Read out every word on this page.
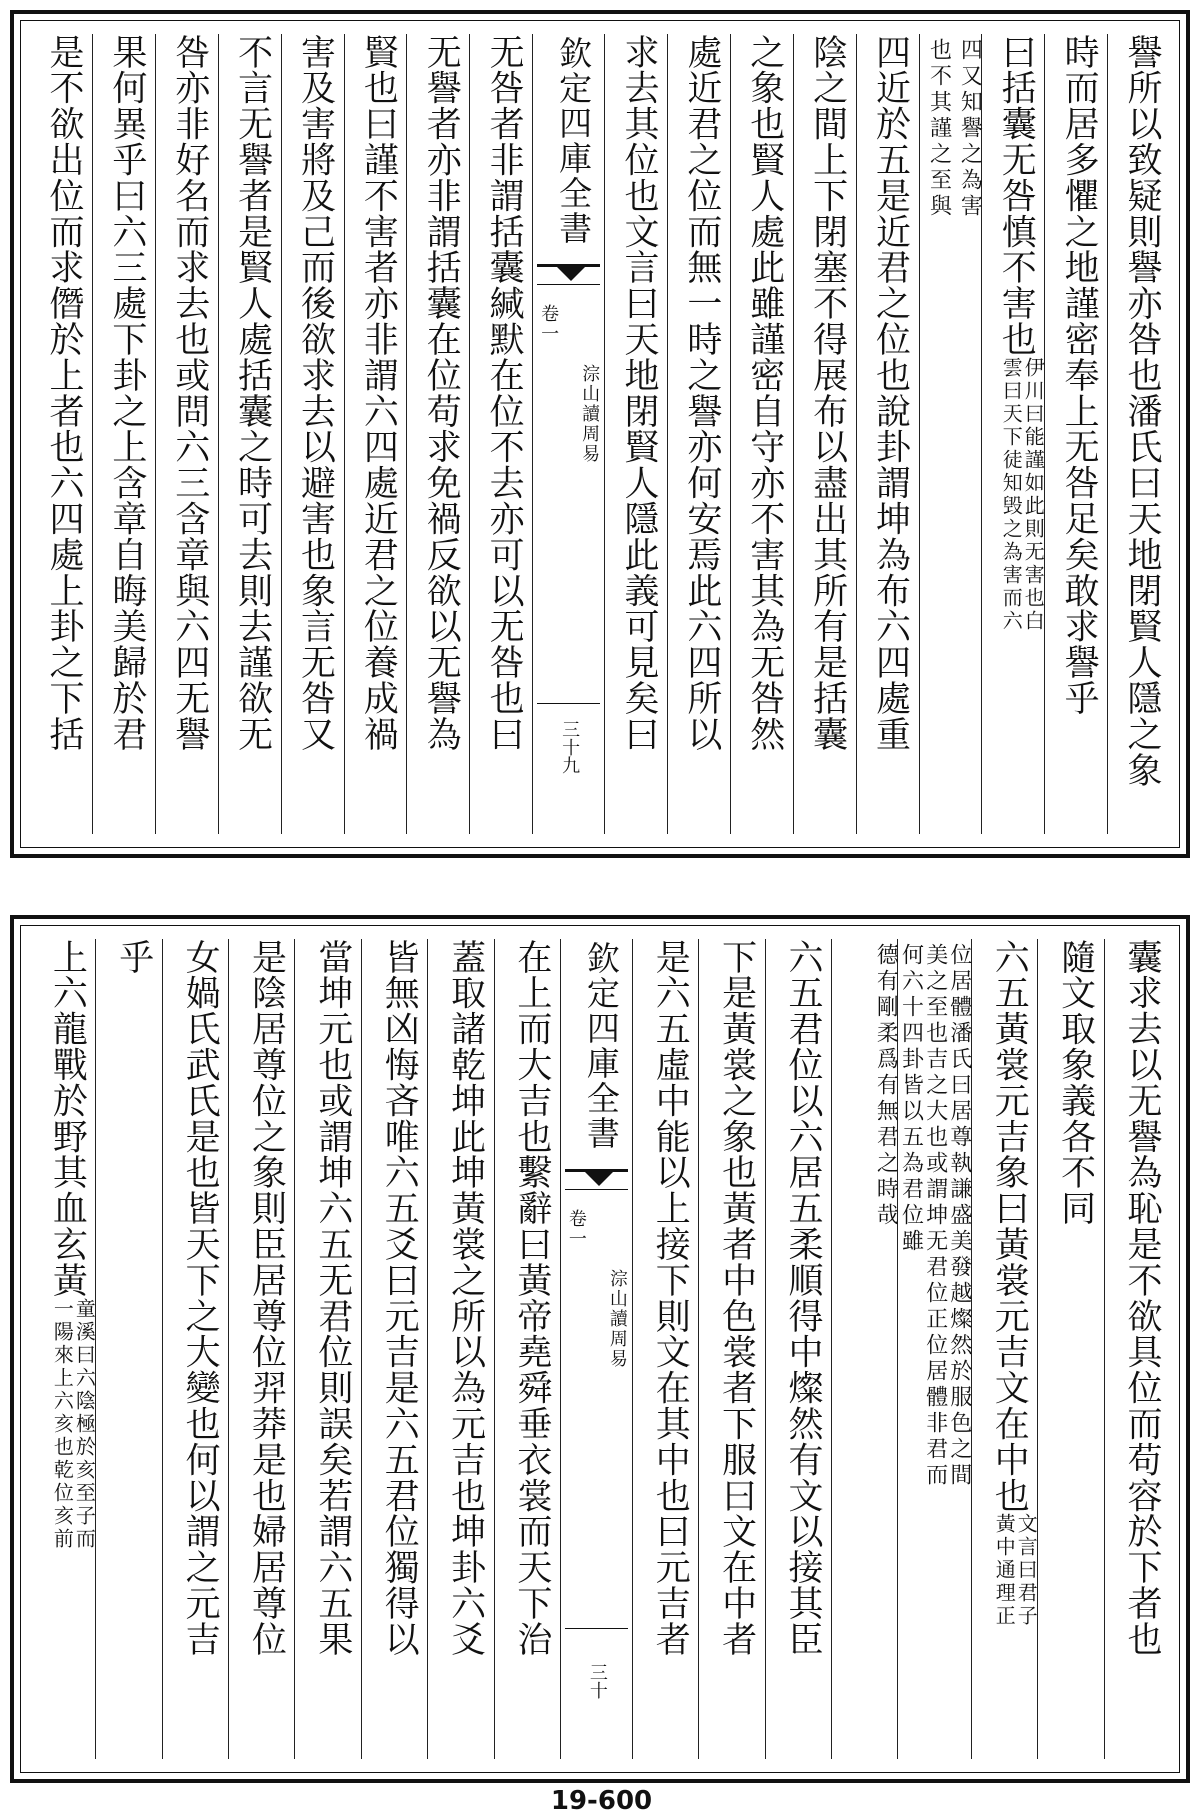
譽所以致疑則譽亦咎也潘氏曰天地閉賢人隱之象
時而居多懼之地謹密奉上无咎足矣敢求譽乎
曰括囊无咎慎不害也
伊川曰能謹如此則无害也白
雲曰天下徒知毁之為害而六
四又知譽之為害
也不其謹之至與
四近於五是近君之位也說卦謂坤為布六四處重
陰之間上下閉塞不得展布以盡出其所有是括囊
之象也賢人處此雖謹密自守亦不害其為无咎然
處近君之位而無一時之譽亦何安焉此六四所以
求去其位也文言曰天地閉賢人隱此義可見矣曰
欽定四庫全書
卷一
淙山讀周易
三十九
无咎者非謂括囊緘默在位不去亦可以无咎也曰
无譽者亦非謂括囊在位苟求免禍反欲以无譽為
賢也曰謹不害者亦非謂六四處近君之位養成禍
害及害將及己而後欲求去以避害也象言无咎又
不言无譽者是賢人處括囊之時可去則去謹欲无
咎亦非好名而求去也或問六三含章與六四无譽
果何異乎曰六三處下卦之上含章自晦美歸於君
是不欲出位而求僭於上者也六四處上卦之下括
囊求去以无譽為恥是不欲具位而苟容於下者也
隨文取象義各不同
六五黃裳元吉象曰黃裳元吉文在中也
文言曰君子
黃中通理正
位居體潘氏曰居尊執謙盛美發越燦然於服色之間
美之至也吉之大也或謂坤无君位正位居體非君而
何六十四卦皆以五為君位雖
德有剛柔爲有無君之時哉
六五君位以六居五柔順得中燦然有文以接其臣
下是黃裳之象也黃者中色裳者下服曰文在中者
是六五虛中能以上接下則文在其中也曰元吉者
欽定四庫全書
卷一
淙山讀周易
三十
在上而大吉也繫辭曰黃帝堯舜垂衣裳而天下治
蓋取諸乾坤此坤黃裳之所以為元吉也坤卦六爻
皆無凶悔吝唯六五爻曰元吉是六五君位獨得以
當坤元也或謂坤六五无君位則誤矣若謂六五果
是陰居尊位之象則臣居尊位羿莽是也婦居尊位
女媧氏武氏是也皆天下之大變也何以謂之元吉
乎
上六龍戰於野其血玄黃
童溪曰六陰極於亥至子而
一陽來上六亥也乾位亥前
19-600
